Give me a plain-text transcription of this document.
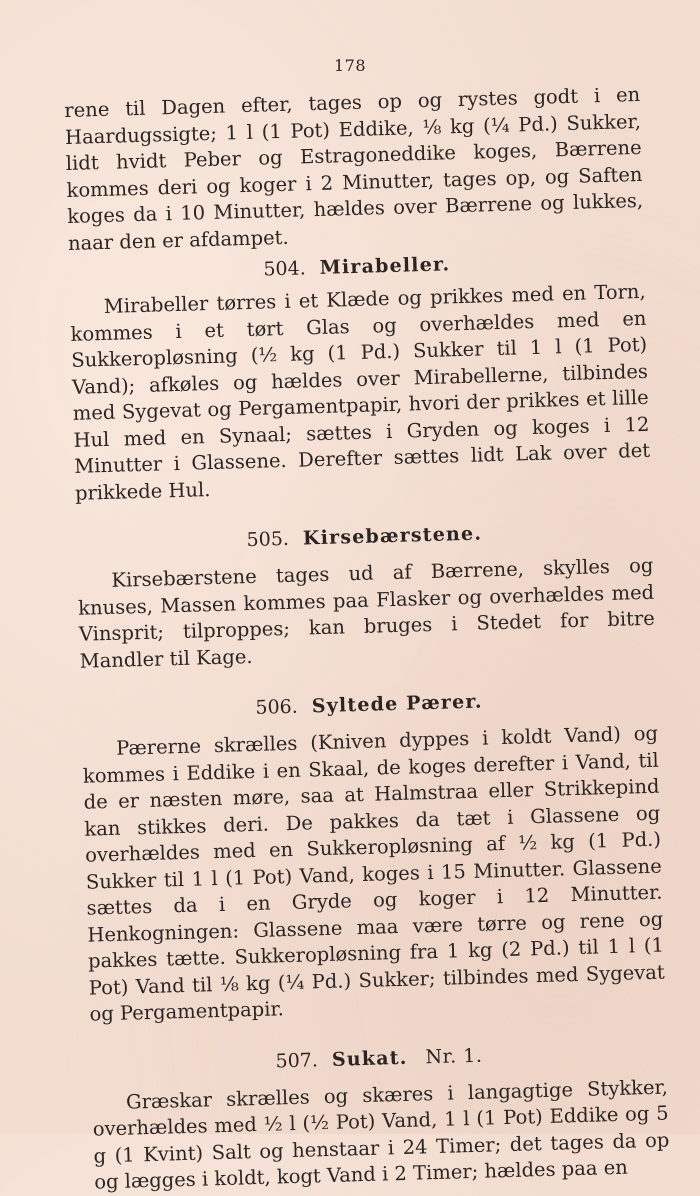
178

rene til Dagen efter, tages op og rystes godt i en Haardugssigte; 1 l (1 Pot) Eddike, ⅛ kg (¼ Pd.) Sukker, lidt hvidt Peber og Estragoneddike koges, Bærrene kommes deri og koger i 2 Minutter, tages op, og Saften koges da i 10 Minutter, hældes over Bærrene og lukkes, naar den er afdampet.

504. Mirabeller.

Mirabeller tørres i et Klæde og prikkes med en Torn, kommes i et tørt Glas og overhældes med en Sukkeropløsning (½ kg (1 Pd.) Sukker til 1 l (1 Pot) Vand); afkøles og hældes over Mirabellerne, tilbindes med Sygevat og Pergamentpapir, hvori der prikkes et lille Hul med en Synaal; sættes i Gryden og koges i 12 Minutter i Glassene. Derefter sættes lidt Lak over det prikkede Hul.

505. Kirsebærstene.

Kirsebærstene tages ud af Bærrene, skylles og knuses, Massen kommes paa Flasker og overhældes med Vinsprit; tilproppes; kan bruges i Stedet for bitre Mandler til Kage.

506. Syltede Pærer.

Pærerne skrælles (Kniven dyppes i koldt Vand) og kommes i Eddike i en Skaal, de koges derefter i Vand, til de er næsten møre, saa at Halmstraa eller Strikkepind kan stikkes deri. De pakkes da tæt i Glassene og overhældes med en Sukkeropløsning af ½ kg (1 Pd.) Sukker til 1 l (1 Pot) Vand, koges i 15 Minutter. Glassene sættes da i en Gryde og koger i 12 Minutter. Henkogningen: Glassene maa være tørre og rene og pakkes tætte. Sukkeropløsning fra 1 kg (2 Pd.) til 1 l (1 Pot) Vand til ⅛ kg (¼ Pd.) Sukker; tilbindes med Sygevat og Pergamentpapir.

507. Sukat. Nr. 1.

Græskar skrælles og skæres i langagtige Stykker, overhældes med ½ l (½ Pot) Vand, 1 l (1 Pot) Eddike og 5 g (1 Kvint) Salt og henstaar i 24 Timer; det tages da op og lægges i koldt, kogt Vand i 2 Timer; hældes paa en
